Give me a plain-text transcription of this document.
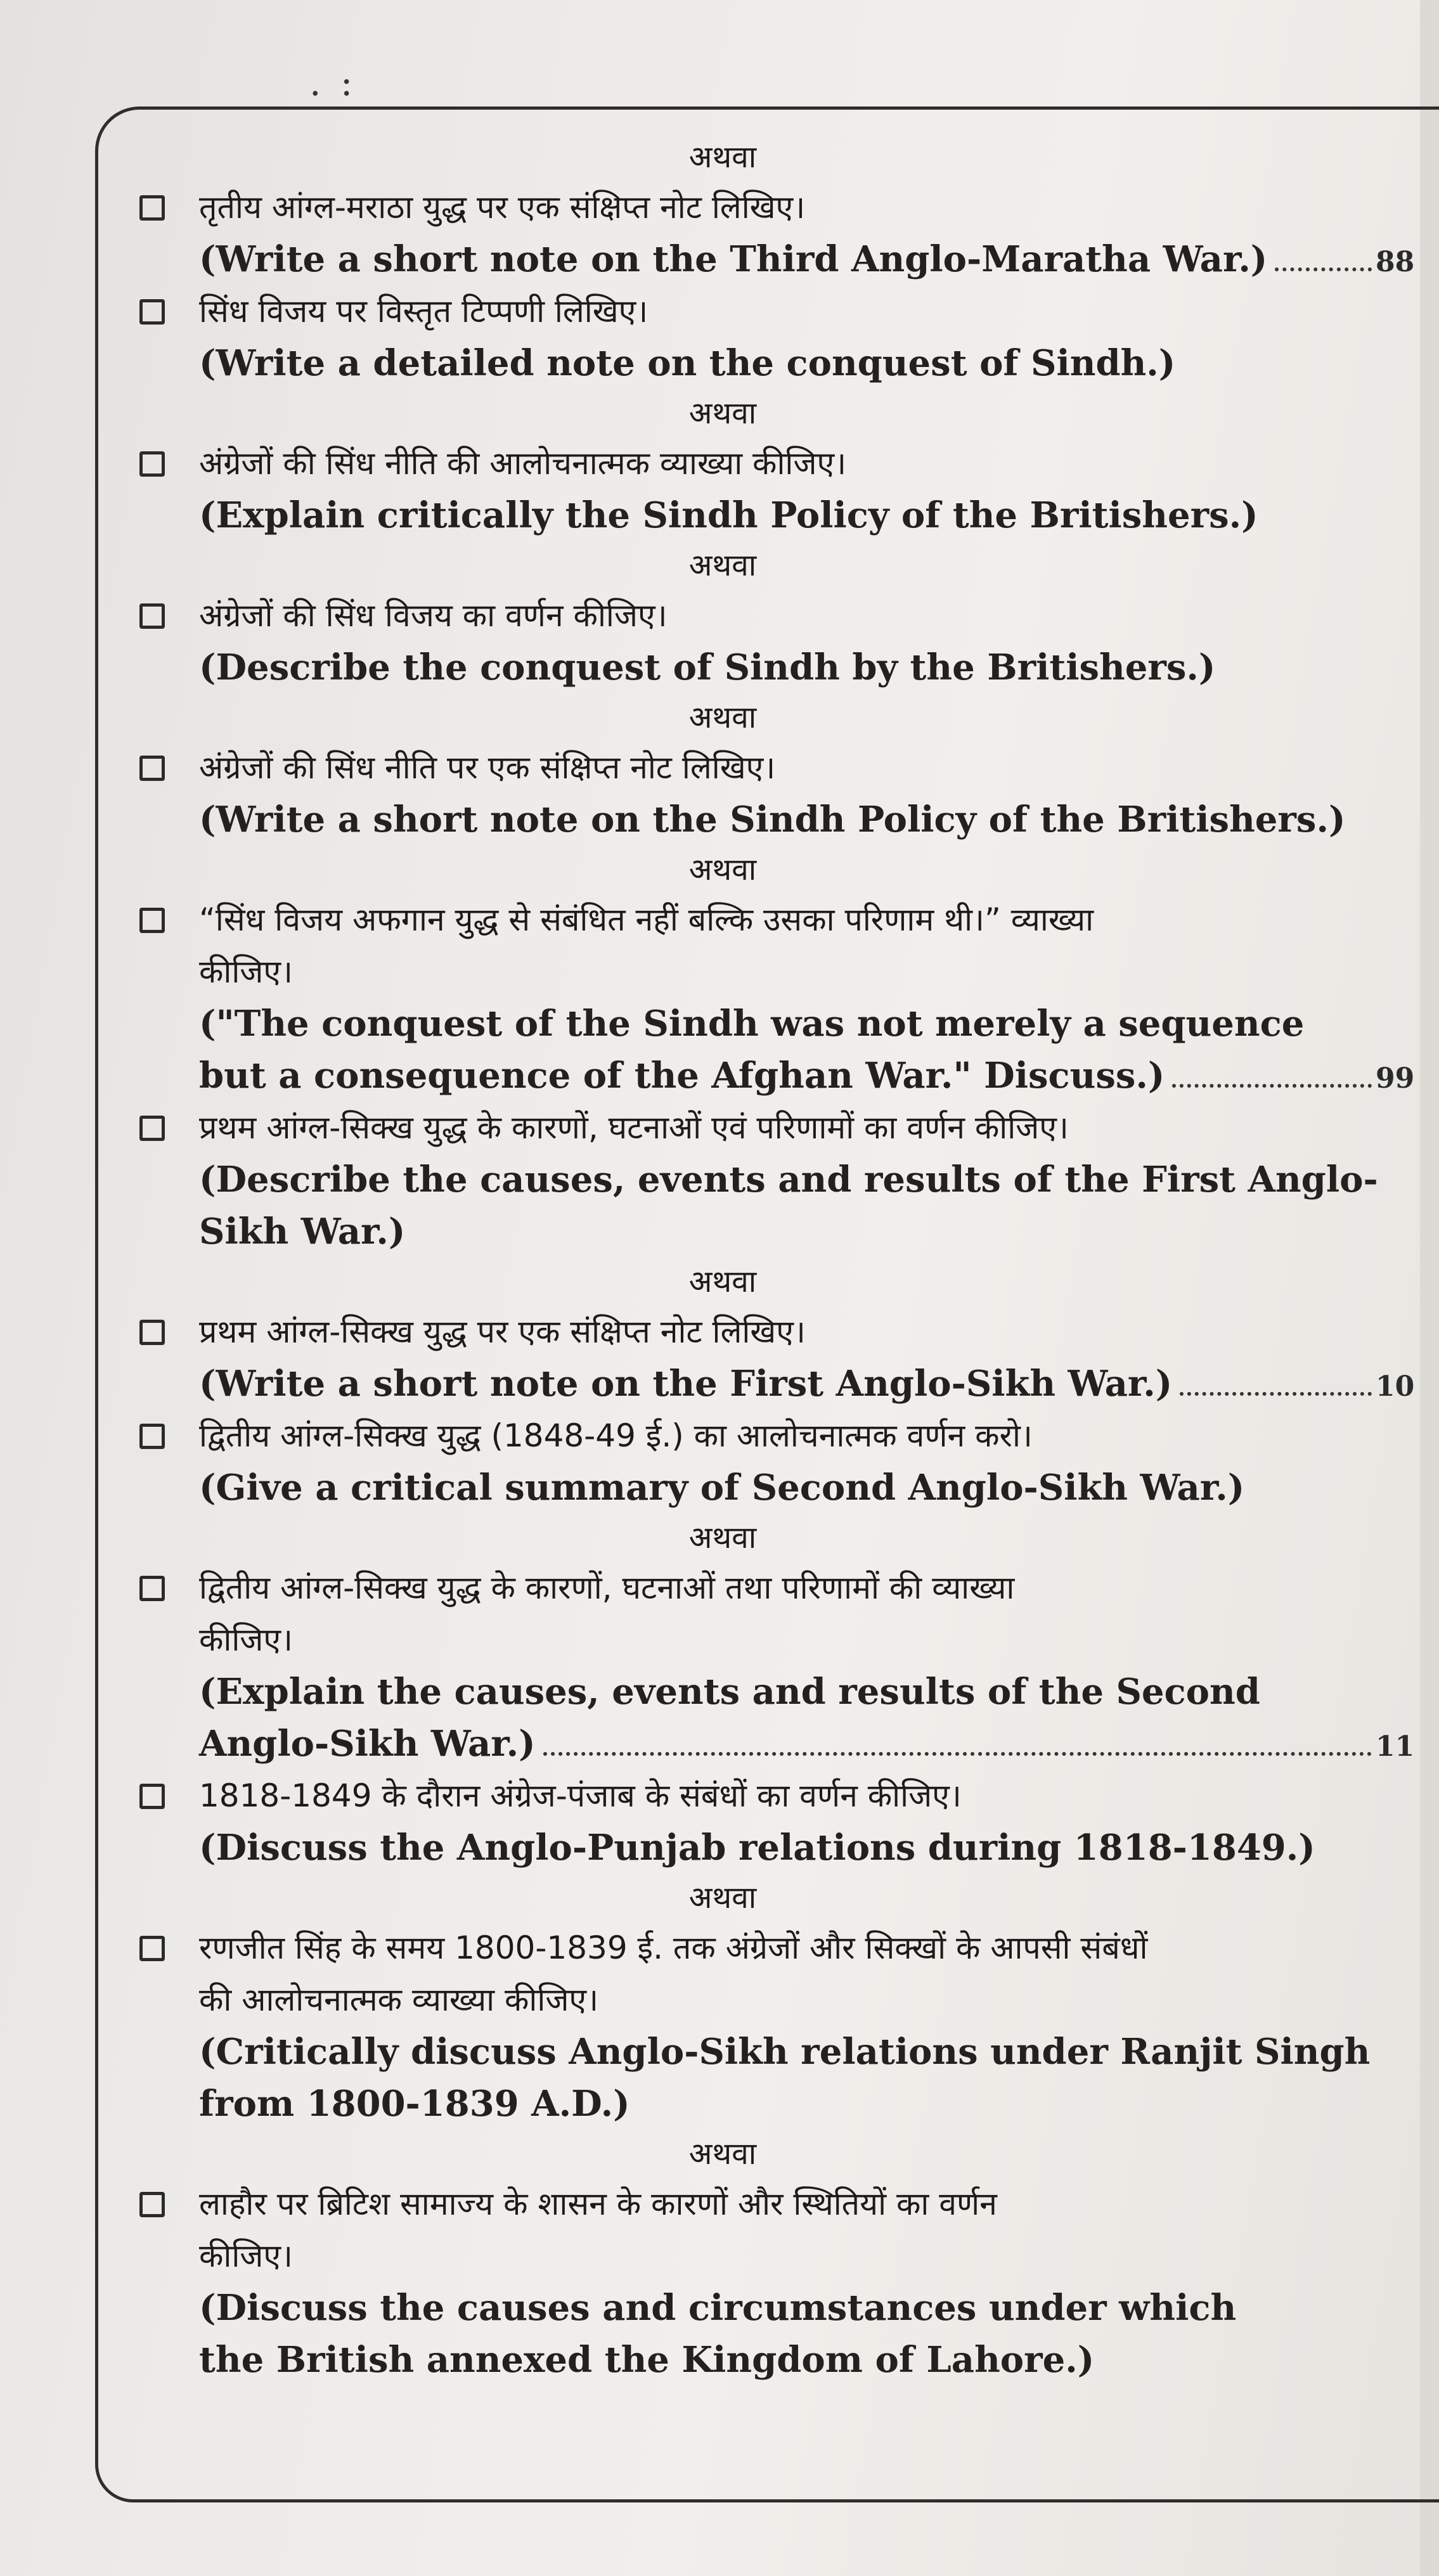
. :
अथवा
तृतीय आंग्ल-मराठा युद्ध पर एक संक्षिप्त नोट लिखिए।
(Write a short note on the Third Anglo-Maratha War.)	88
सिंध विजय पर विस्तृत टिप्पणी लिखिए।
(Write a detailed note on the conquest of Sindh.)
अथवा
अंग्रेजों की सिंध नीति की आलोचनात्मक व्याख्या कीजिए।
(Explain critically the Sindh Policy of the Britishers.)
अथवा
अंग्रेजों की सिंध विजय का वर्णन कीजिए।
(Describe the conquest of Sindh by the Britishers.)
अथवा
अंग्रेजों की सिंध नीति पर एक संक्षिप्त नोट लिखिए।
(Write a short note on the Sindh Policy of the Britishers.)
अथवा
“सिंध विजय अफगान युद्ध से संबंधित नहीं बल्कि उसका परिणाम थी।” व्याख्या
कीजिए।
("The conquest of the Sindh was not merely a sequence
but a consequence of the Afghan War." Discuss.)	99
प्रथम आंग्ल-सिक्ख युद्ध के कारणों, घटनाओं एवं परिणामों का वर्णन कीजिए।
(Describe the causes, events and results of the First Anglo-
Sikh War.)
अथवा
प्रथम आंग्ल-सिक्ख युद्ध पर एक संक्षिप्त नोट लिखिए।
(Write a short note on the First Anglo-Sikh War.)	10
द्वितीय आंग्ल-सिक्ख युद्ध (1848-49 ई.) का आलोचनात्मक वर्णन करो।
(Give a critical summary of Second Anglo-Sikh War.)
अथवा
द्वितीय आंग्ल-सिक्ख युद्ध के कारणों, घटनाओं तथा परिणामों की व्याख्या
कीजिए।
(Explain the causes, events and results of the Second
Anglo-Sikh War.)	11
1818-1849 के दौरान अंग्रेज-पंजाब के संबंधों का वर्णन कीजिए।
(Discuss the Anglo-Punjab relations during 1818-1849.)
अथवा
रणजीत सिंह के समय 1800-1839 ई. तक अंग्रेजों और सिक्खों के आपसी संबंधों
की आलोचनात्मक व्याख्या कीजिए।
(Critically discuss Anglo-Sikh relations under Ranjit Singh
from 1800-1839 A.D.)
अथवा
लाहौर पर ब्रिटिश सामाज्य के शासन के कारणों और स्थितियों का वर्णन
कीजिए।
(Discuss the causes and circumstances under which
the British annexed the Kingdom of Lahore.)
